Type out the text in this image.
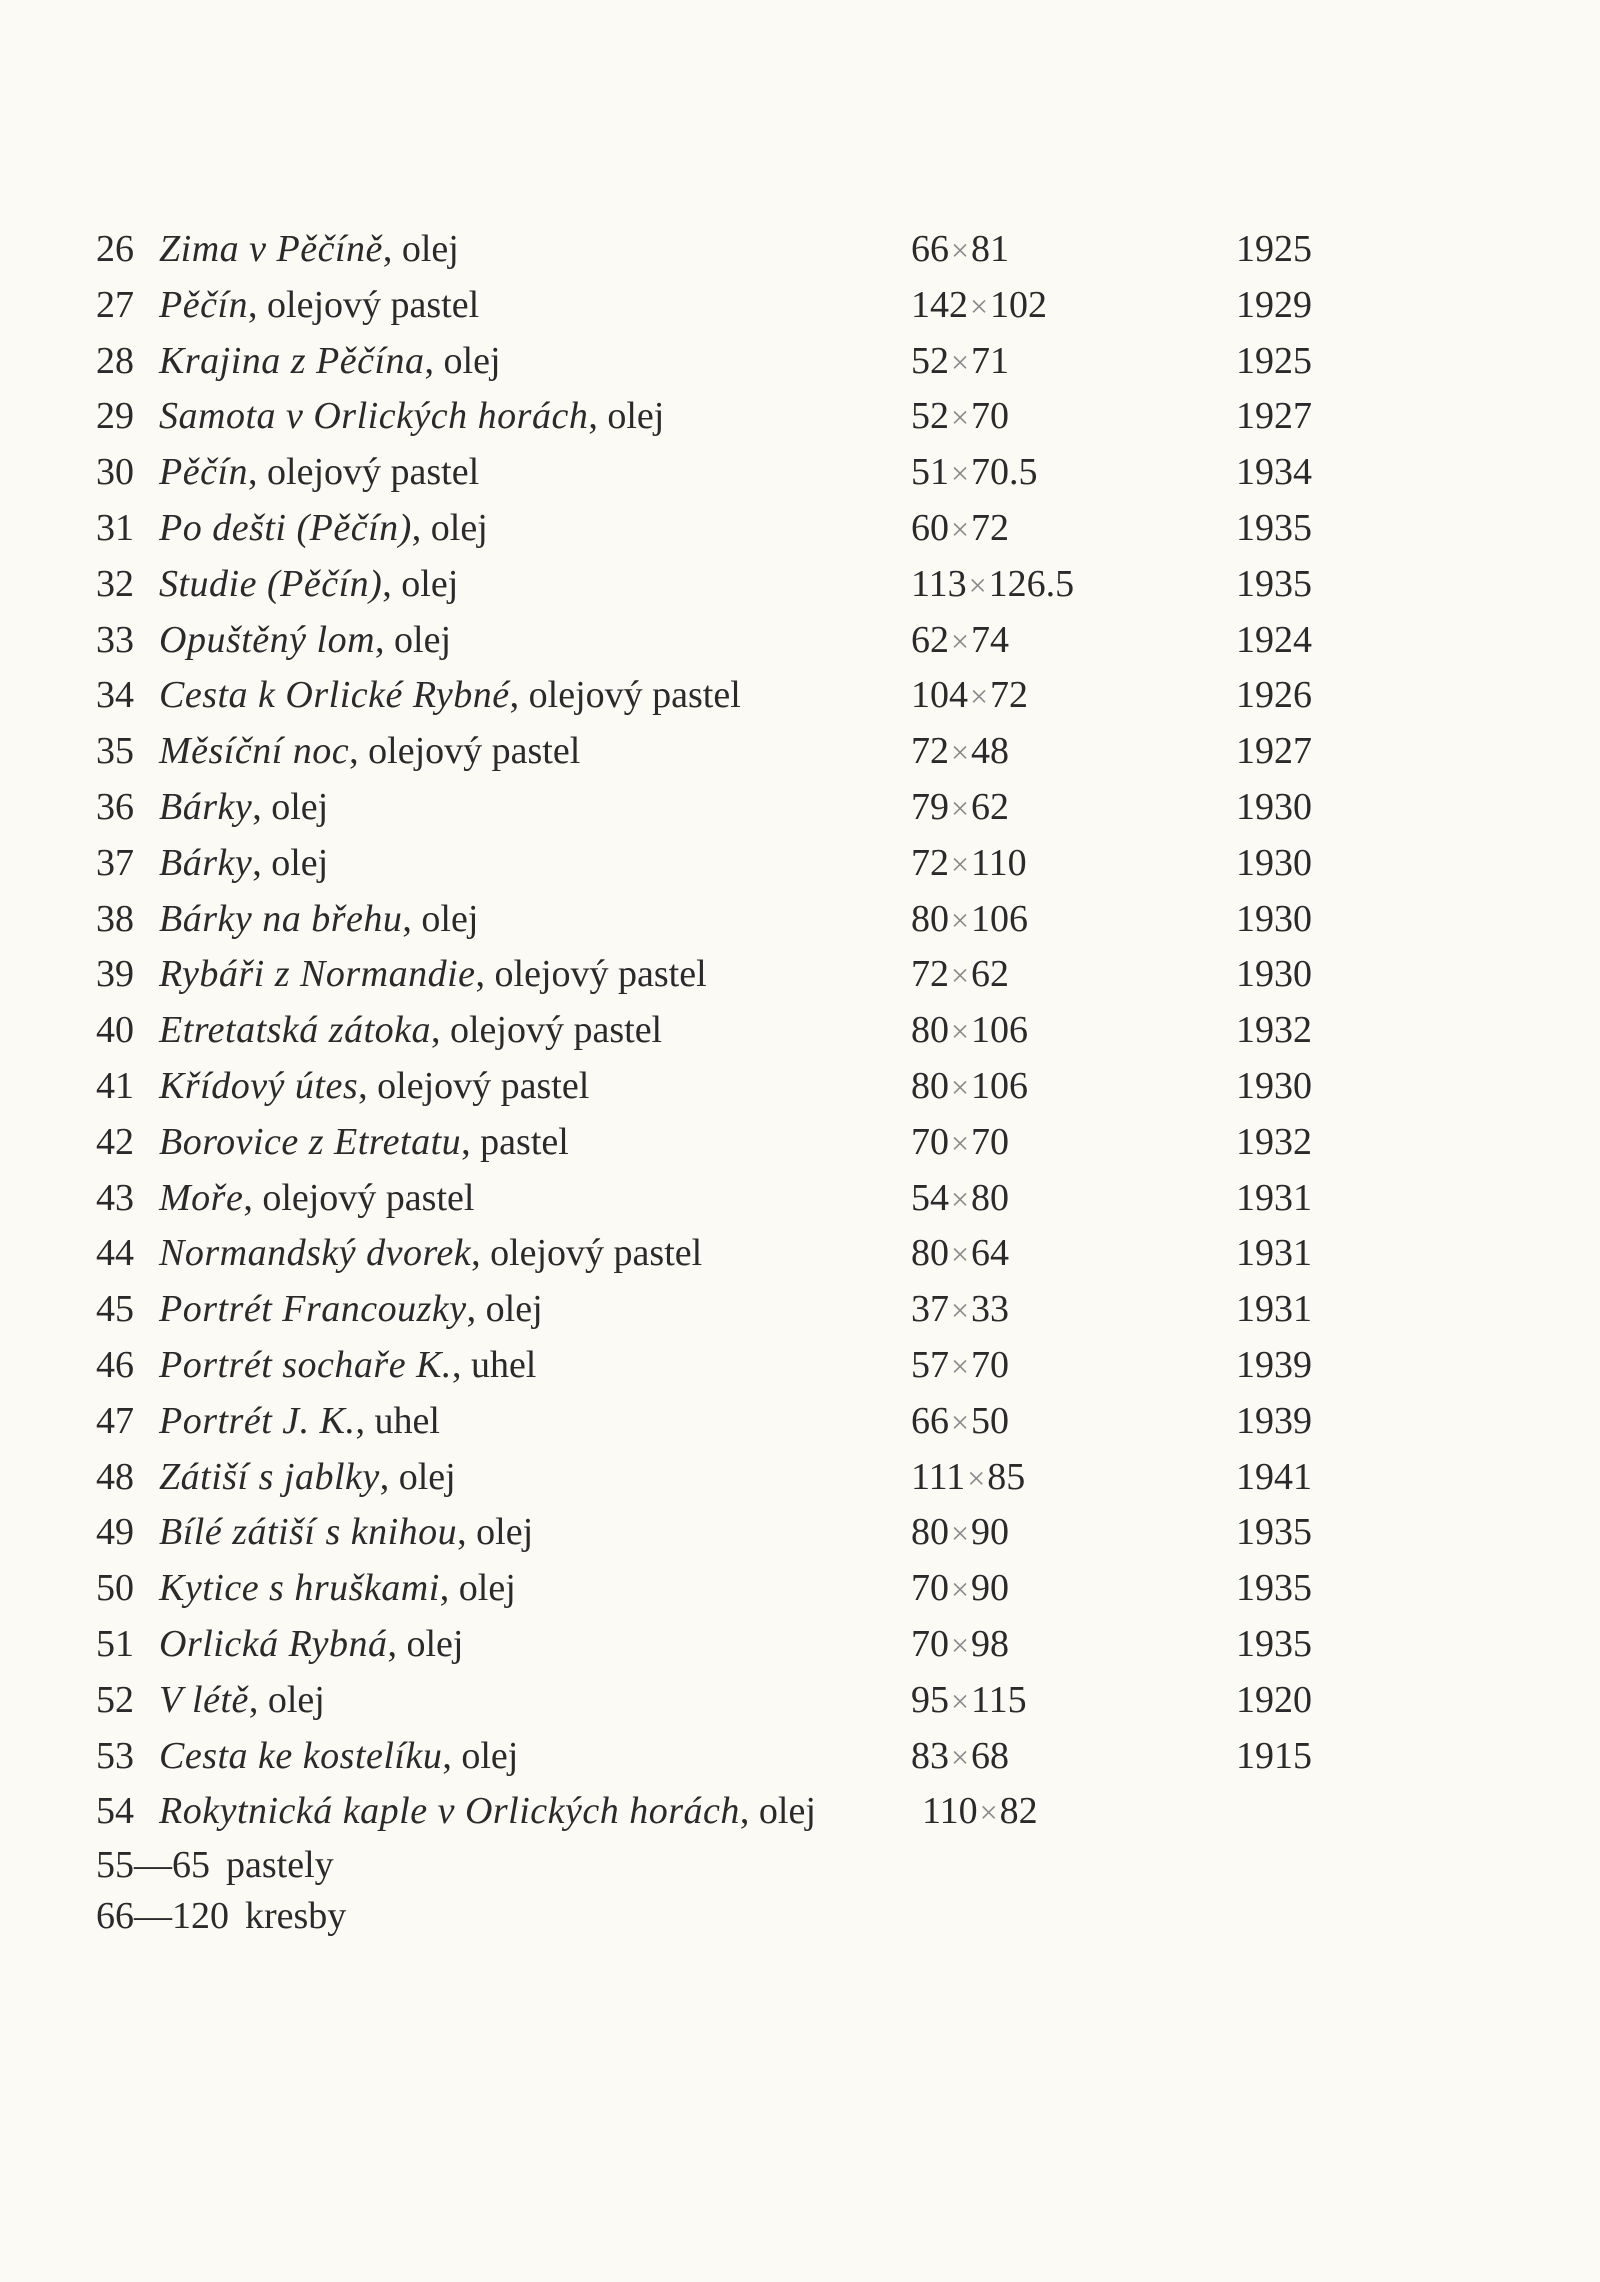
26 Zima v Pěčíně, olej	66×81	1925
27 Pěčín, olejový pastel	142×102	1929
28 Krajina z Pěčína, olej	52×71	1925
29 Samota v Orlických horách, olej	52×70	1927
30 Pěčín, olejový pastel	51×70.5	1934
31 Po dešti (Pěčín), olej	60×72	1935
32 Studie (Pěčín), olej	113×126.5	1935
33 Opuštěný lom, olej	62×74	1924
34 Cesta k Orlické Rybné, olejový pastel	104×72	1926
35 Měsíční noc, olejový pastel	72×48	1927
36 Bárky, olej	79×62	1930
37 Bárky, olej	72×110	1930
38 Bárky na břehu, olej	80×106	1930
39 Rybáři z Normandie, olejový pastel	72×62	1930
40 Etretatská zátoka, olejový pastel	80×106	1932
41 Křídový útes, olejový pastel	80×106	1930
42 Borovice z Etretatu, pastel	70×70	1932
43 Moře, olejový pastel	54×80	1931
44 Normandský dvorek, olejový pastel	80×64	1931
45 Portrét Francouzky, olej	37×33	1931
46 Portrét sochaře K., uhel	57×70	1939
47 Portrét J. K., uhel	66×50	1939
48 Zátiší s jablky, olej	111×85	1941
49 Bílé zátiší s knihou, olej	80×90	1935
50 Kytice s hruškami, olej	70×90	1935
51 Orlická Rybná, olej	70×98	1935
52 V létě, olej	95×115	1920
53 Cesta ke kostelíku, olej	83×68	1915
54 Rokytnická kaple v Orlických horách, olej	110×82
55—65 pastely
66—120 kresby
